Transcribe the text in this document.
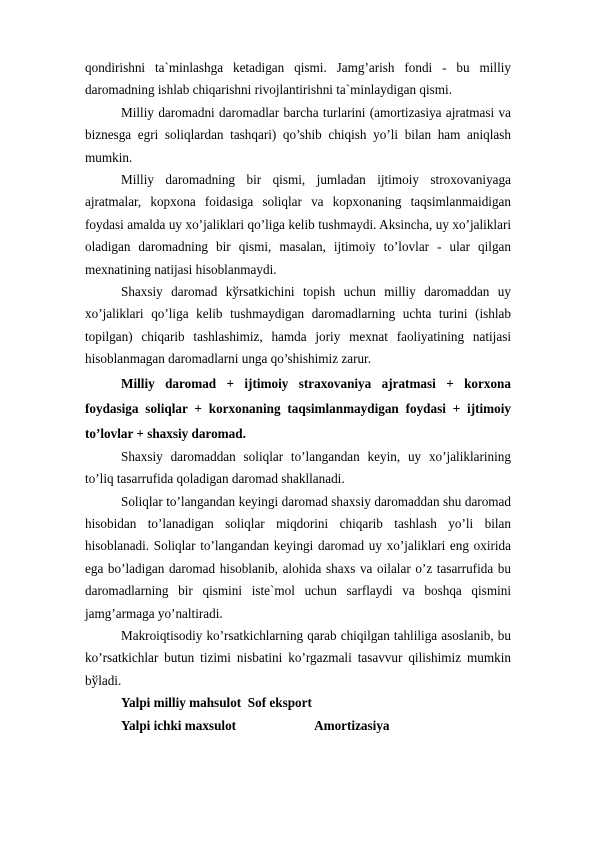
qondirishni ta`minlashga ketadigan qismi. Jamg’arish fondi - bu milliy daromadning ishlab chiqarishni rivojlantirishni ta`minlaydigan qismi.

Milliy daromadni daromadlar barcha turlarini (amortizasiya ajratmasi va biznesga egri soliqlardan tashqari) qo’shib chiqish yo’li bilan ham aniqlash mumkin.

Milliy daromadning bir qismi, jumladan ijtimoiy stroxovaniyaga ajratmalar, kopxona foidasiga soliqlar va kopxonaning taqsimlanmaidigan foydasi amalda uy xo’jaliklari qo’liga kelib tushmaydi. Aksincha, uy xo’jaliklari oladigan daromadning bir qismi, masalan, ijtimoiy to’lovlar - ular qilgan mexnatining natijasi hisoblanmaydi.

Shaxsiy daromad kўrsatkichini topish uchun milliy daromaddan uy xo’jaliklari qo’liga kelib tushmaydigan daromadlarning uchta turini (ishlab topilgan) chiqarib tashlashimiz, hamda joriy mexnat faoliyatining natijasi hisoblanmagan daromadlarni unga qo’shishimiz zarur.

Milliy daromad + ijtimoiy straxovaniya ajratmasi + korxona foydasiga soliqlar + korxonaning taqsimlanmaydigan foydasi + ijtimoiy to’lovlar + shaxsiy daromad.

Shaxsiy daromaddan soliqlar to’langandan keyin, uy xo’jaliklarining to’liq tasarrufida qoladigan daromad shakllanadi.

Soliqlar to’langandan keyingi daromad shaxsiy daromaddan shu daromad hisobidan to’lanadigan soliqlar miqdorini chiqarib tashlash yo’li bilan hisoblanadi. Soliqlar to’langandan keyingi daromad uy xo’jaliklari eng oxirida ega bo’ladigan daromad hisoblanib, alohida shaxs va oilalar o’z tasarrufida bu daromadlarning bir qismini iste`mol uchun sarflaydi va boshqa qismini jamg’armaga yo’naltiradi.

Makroiqtisodiy ko’rsatkichlarning qarab chiqilgan tahliliga asoslanib, bu ko’rsatkichlar butun tizimi nisbatini ko’rgazmali tasavvur qilishimiz mumkin bўladi.

Yalpi milliy mahsulot  Sof eksport

Yalpi ichki maxsulot	Amortizasiya
